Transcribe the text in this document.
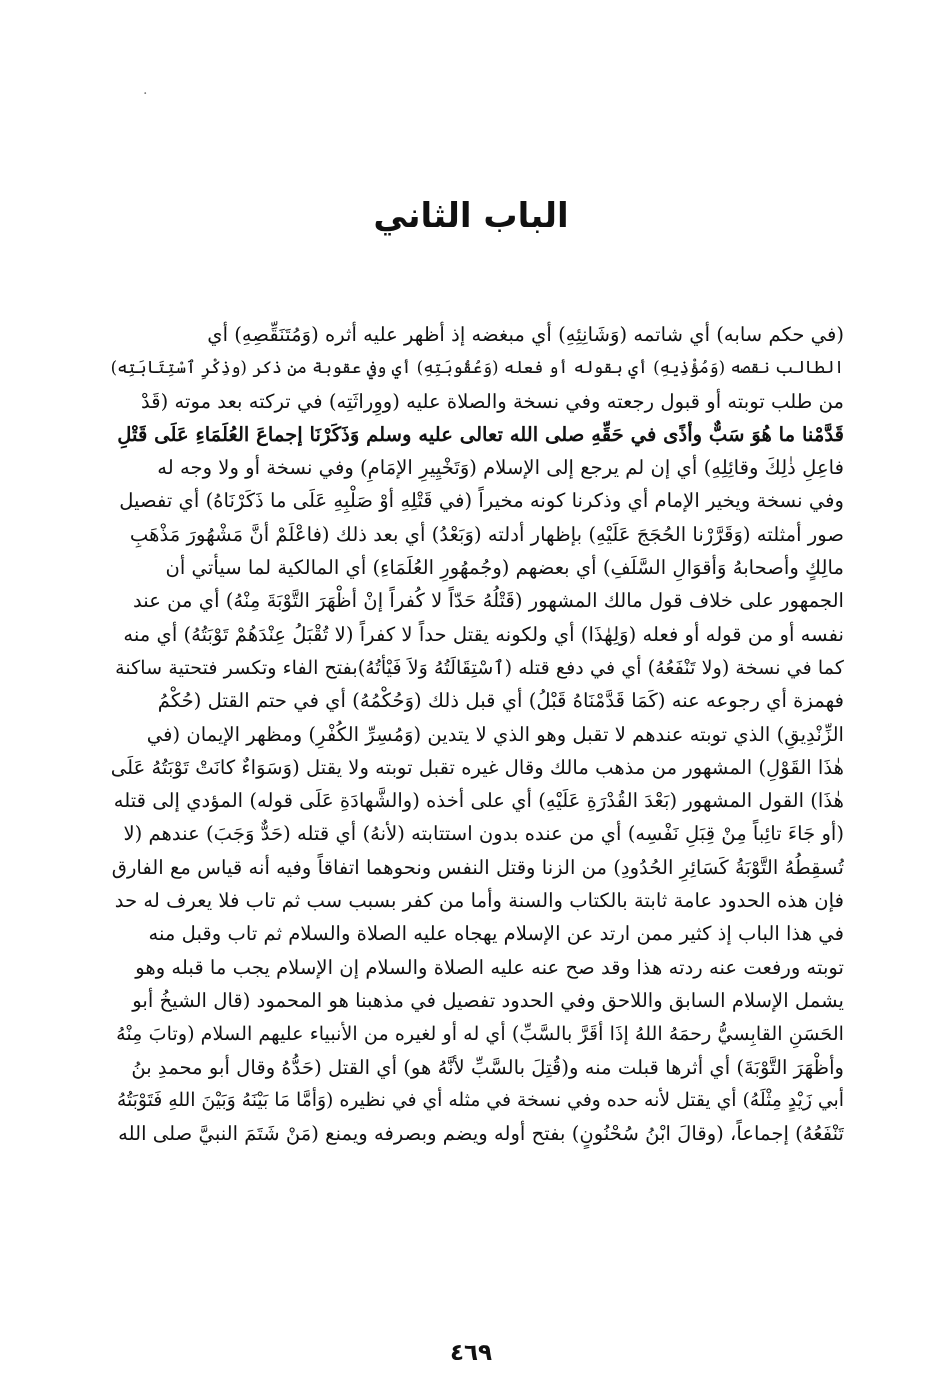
.
الباب الثاني
(في حكم سابه) أي شاتمه (وَشَانِئِهِ) أي مبغضه إذ أظهر عليه أثره (وَمُتَنَقِّصِهِ) أي
الطالب نقصه (وَمُؤْذِيهِ) أي بقوله أو فعله (وَعُقُوبَتِهِ) أي وفي عقوبة من ذكر (وذِكْرِ ٱسْتِتَابَتِه)
من طلب توبته أو قبول رجعته وفي نسخة والصلاة عليه (ووِراثَتِه) في تركته بعد موته (قَدْ
قَدَّمْنا ما هُوَ سَبٌّ وأذًى في حَقِّهِ صلى الله تعالى عليه وسلم وَذَكَرْنَا إجماعَ العُلَمَاءِ عَلَى قَتْلِ
فاعِلِ ذٰلِكَ وقائِلِهِ) أي إن لم يرجع إلى الإسلام (وَتَخْيِيرِ الإمَامِ) وفي نسخة أو ولا وجه له
وفي نسخة ويخير الإمام أي وذكرنا كونه مخيراً (في قَتْلِهِ أوْ صَلْبِهِ عَلَى ما ذَكَرْنَاهُ) أي تفصيل
صور أمثلته (وَقَرَّرْنا الحُجَجَ عَلَيْهِ) بإظهار أدلته (وَبَعْدُ) أي بعد ذلك (فاعْلَمْ أنَّ مَشْهُورَ مَذْهَبِ
مالِكٍ وأصحابهُ وَأقوَالِ السَّلَفِ) أي بعضهم (وجُمهُورِ العُلَمَاءِ) أي المالكية لما سيأتي أن
الجمهور على خلاف قول مالك المشهور (قَتْلُهُ حَدّاً لا كُفراً إنْ أظْهَرَ التَّوْبَةَ مِنْهُ) أي من عند
نفسه أو من قوله أو فعله (وَلِهٰذَا) أي ولكونه يقتل حداً لا كفراً (لا تُقْبَلُ عِنْدَهُمْ تَوْبَتُهُ) أي منه
كما في نسخة (ولا تَنْفَعُهُ) أي في دفع قتله (ٱسْتِقَالَتُهُ وَلاَ فَيْأتُهُ)بفتح الفاء وتكسر فتحتية ساكنة
فهمزة أي رجوعه عنه (كَمَا قَدَّمْنَاهُ قَبْلُ) أي قبل ذلك (وَحُكْمُهُ) أي في حتم القتل (حُكْمُ
الزِّنْدِيقِ) الذي توبته عندهم لا تقبل وهو الذي لا يتدين (وَمُسِرِّ الكُفْرِ) ومظهر الإيمان (في
هٰذَا القَوْلِ) المشهور من مذهب مالك وقال غيره تقبل توبته ولا يقتل (وَسَوَاءٌ كانَتْ تَوْبَتُهُ عَلَى
هٰذَا) القول المشهور (بَعْدَ القُدْرَةِ عَلَيْهِ) أي على أخذه (والشَّهادَةِ عَلَى قوله) المؤدي إلى قتله
(أو جَاءَ تائِباً مِنْ قِبَلِ نَفْسِه) أي من عنده بدون استتابته (لأنهُ) أي قتله (حَدٌّ وَجَبَ) عندهم (لا
تُسقِطُهُ التَّوْبَةُ كَسَائِرِ الحُدُودِ) من الزنا وقتل النفس ونحوهما اتفاقاً وفيه أنه قياس مع الفارق
فإن هذه الحدود عامة ثابتة بالكتاب والسنة وأما من كفر بسبب سب ثم تاب فلا يعرف له حد
في هذا الباب إذ كثير ممن ارتد عن الإسلام يهجاه عليه الصلاة والسلام ثم تاب وقبل منه
توبته ورفعت عنه ردته هذا وقد صح عنه عليه الصلاة والسلام إن الإسلام يجب ما قبله وهو
يشمل الإسلام السابق واللاحق وفي الحدود تفصيل في مذهبنا هو المحمود (قال الشيخُ أبو
الحَسَنِ القابِسيُّ رحمَهُ اللهُ إذَا أقَرَّ بالسَّبِّ) أي له أو لغيره من الأنبياء عليهم السلام (وتابَ مِنْهُ
وأظْهَرَ التَّوْبَةَ) أي أثرها قبلت منه و(قُتِلَ بالسَّبِّ لأنَّهُ هو) أي القتل (حَدُّهُ وقال أبو محمدِ بنُ
أبي زَيْدٍ مِثْلَهُ) أي يقتل لأنه حده وفي نسخة في مثله أي في نظيره (وَأمَّا مَا بَيْنَهُ وَبَيْنَ اللهِ فَتَوْبَتُهُ
تَنْفَعُهُ) إجماعاً، (وقالَ ابْنُ سُحْنُونٍ) بفتح أوله ويضم وبصرفه ويمنع (مَنْ شَتَمَ النبيَّ صلى الله
٤٦٩
